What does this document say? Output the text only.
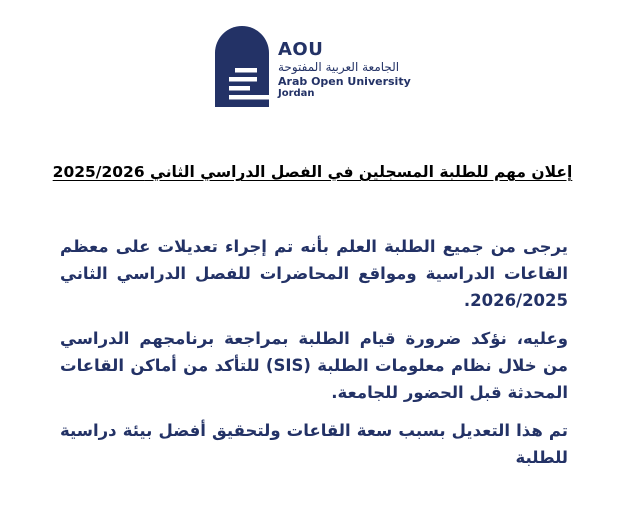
AOU
الجامعة العربية المفتوحة
Arab Open University
Jordan
إعلان مهم للطلبة المسجلين في الفصل الدراسي الثاني 2025/2026

يرجى من جميع الطلبة العلم بأنه تم إجراء تعديلات على معظم القاعات الدراسية ومواقع المحاضرات للفصل الدراسي الثاني 2026/2025.

وعليه، نؤكد ضرورة قيام الطلبة بمراجعة برنامجهم الدراسي من خلال نظام معلومات الطلبة (SIS) للتأكد من أماكن القاعات المحدثة قبل الحضور للجامعة.

تم هذا التعديل بسبب سعة القاعات ولتحقيق أفضل بيئة دراسية للطلبة
